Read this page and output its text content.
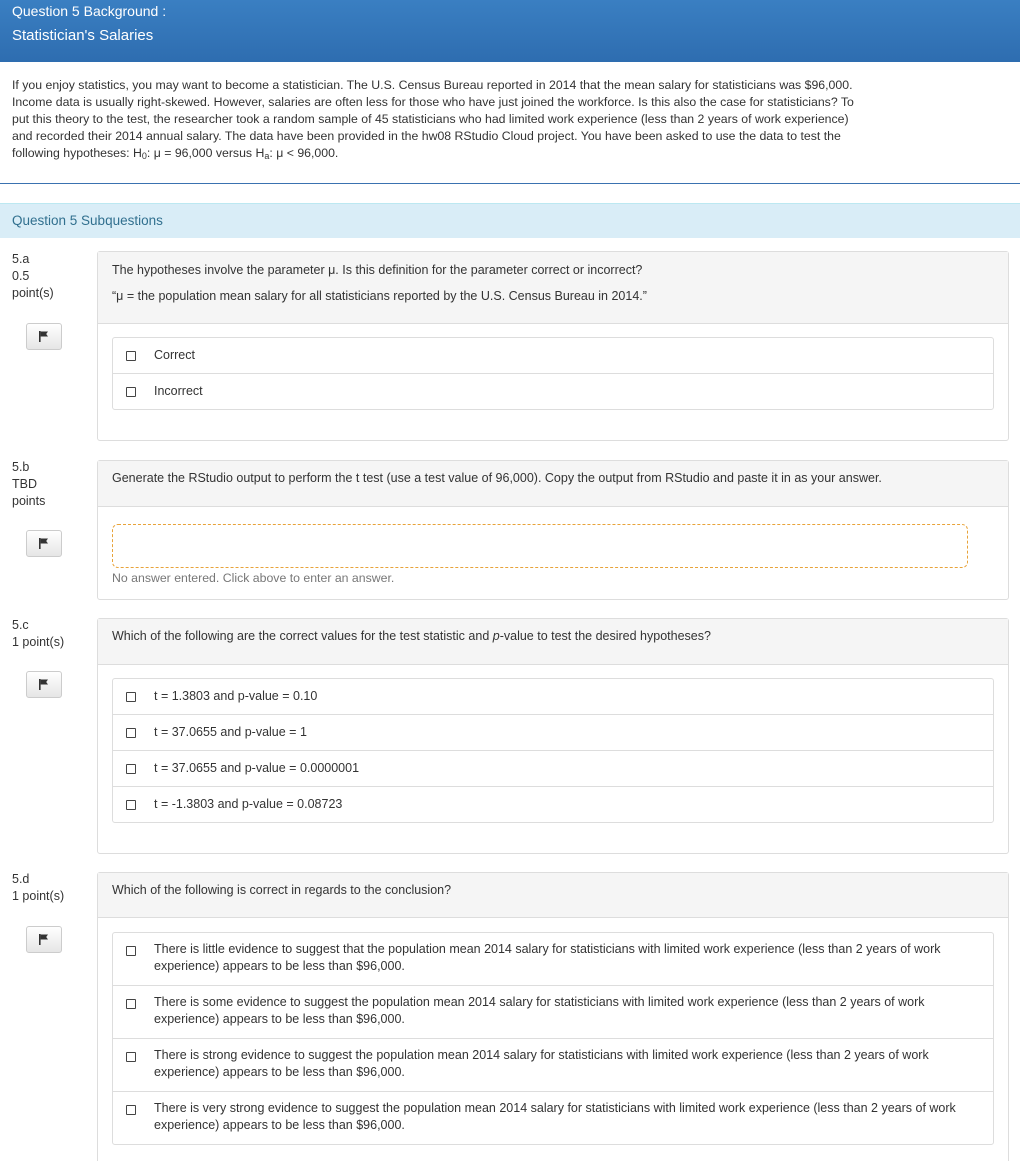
Question 5 Background :
Statistician's Salaries
If you enjoy statistics, you may want to become a statistician. The U.S. Census Bureau reported in 2014 that the mean salary for statisticians was $96,000. Income data is usually right-skewed. However, salaries are often less for those who have just joined the workforce. Is this also the case for statisticians? To put this theory to the test, the researcher took a random sample of 45 statisticians who had limited work experience (less than 2 years of work experience) and recorded their 2014 annual salary. The data have been provided in the hw08 RStudio Cloud project. You have been asked to use the data to test the following hypotheses: $H_0$: μ = 96,000 versus $H_a$: μ < 96,000.
Question 5 Subquestions
5.a
0.5
point(s)
The hypotheses involve the parameter μ. Is this definition for the parameter correct or incorrect?
“μ = the population mean salary for all statisticians reported by the U.S. Census Bureau in 2014.”
Correct
Incorrect
5.b
TBD
points
Generate the RStudio output to perform the t test (use a test value of 96,000). Copy the output from RStudio and paste it in as your answer.
No answer entered. Click above to enter an answer.
5.c
1 point(s)	Which of the following are the correct values for the test statistic and p-value to test the desired hypotheses?
t = 1.3803 and p-value = 0.10
t = 37.0655 and p-value = 1
t = 37.0655 and p-value = 0.0000001
t = -1.3803 and p-value = 0.08723
5.d
1 point(s)	Which of the following is correct in regards to the conclusion?
There is little evidence to suggest that the population mean 2014 salary for statisticians with limited work experience (less than 2 years of work experience) appears to be less than $96,000.
There is some evidence to suggest the population mean 2014 salary for statisticians with limited work experience (less than 2 years of work experience) appears to be less than $96,000.
There is strong evidence to suggest the population mean 2014 salary for statisticians with limited work experience (less than 2 years of work experience) appears to be less than $96,000.
There is very strong evidence to suggest the population mean 2014 salary for statisticians with limited work experience (less than 2 years of work experience) appears to be less than $96,000.
